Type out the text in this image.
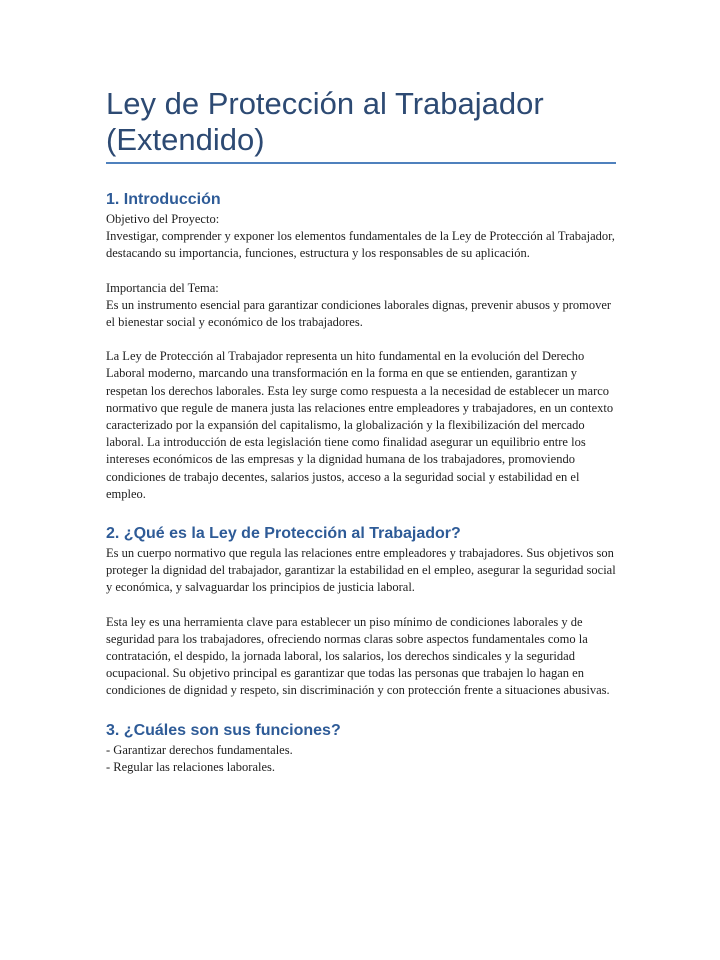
Ley de Protección al Trabajador
(Extendido)
1. Introducción

Objetivo del Proyecto:

Investigar, comprender y exponer los elementos fundamentales de la Ley de Protección al Trabajador, destacando su importancia, funciones, estructura y los responsables de su aplicación.

Importancia del Tema:

Es un instrumento esencial para garantizar condiciones laborales dignas, prevenir abusos y promover el bienestar social y económico de los trabajadores.

La Ley de Protección al Trabajador representa un hito fundamental en la evolución del Derecho Laboral moderno, marcando una transformación en la forma en que se entienden, garantizan y respetan los derechos laborales. Esta ley surge como respuesta a la necesidad de establecer un marco normativo que regule de manera justa las relaciones entre empleadores y trabajadores, en un contexto caracterizado por la expansión del capitalismo, la globalización y la flexibilización del mercado laboral. La introducción de esta legislación tiene como finalidad asegurar un equilibrio entre los intereses económicos de las empresas y la dignidad humana de los trabajadores, promoviendo condiciones de trabajo decentes, salarios justos, acceso a la seguridad social y estabilidad en el empleo.

2. ¿Qué es la Ley de Protección al Trabajador?

Es un cuerpo normativo que regula las relaciones entre empleadores y trabajadores. Sus objetivos son proteger la dignidad del trabajador, garantizar la estabilidad en el empleo, asegurar la seguridad social y económica, y salvaguardar los principios de justicia laboral.

Esta ley es una herramienta clave para establecer un piso mínimo de condiciones laborales y de seguridad para los trabajadores, ofreciendo normas claras sobre aspectos fundamentales como la contratación, el despido, la jornada laboral, los salarios, los derechos sindicales y la seguridad ocupacional. Su objetivo principal es garantizar que todas las personas que trabajen lo hagan en condiciones de dignidad y respeto, sin discriminación y con protección frente a situaciones abusivas.

3. ¿Cuáles son sus funciones?
- Garantizar derechos fundamentales.
- Regular las relaciones laborales.
